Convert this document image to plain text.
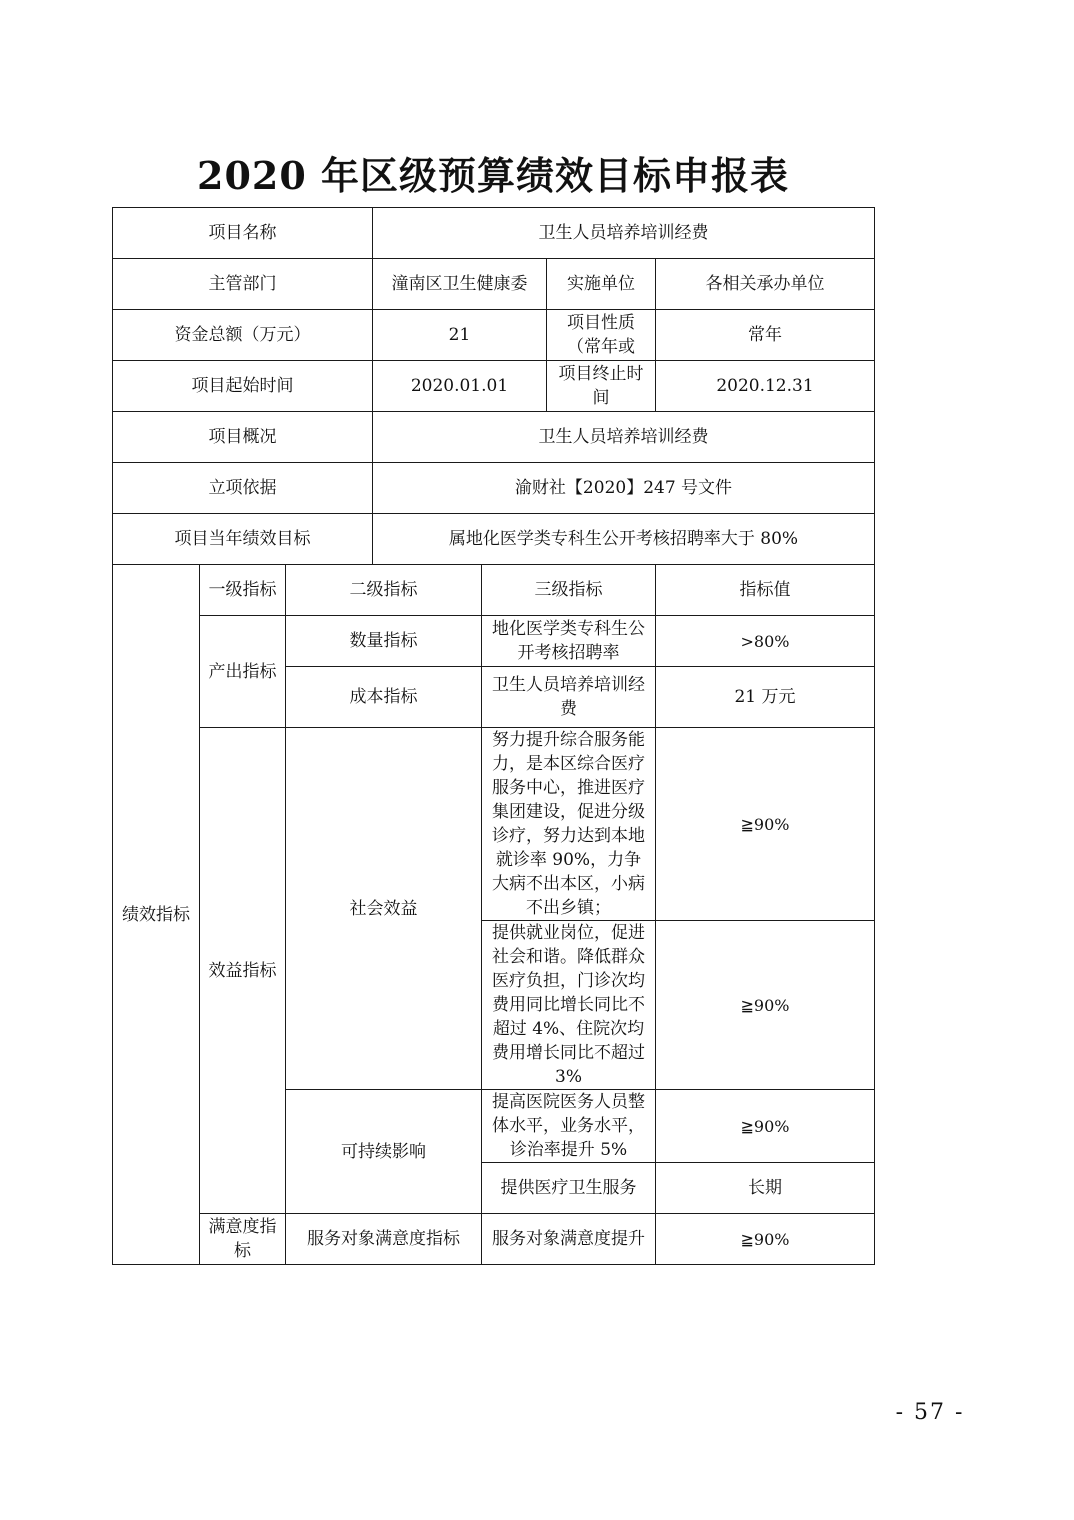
2020 年区级预算绩效目标申报表
项目名称			卫生人员培养培训经费			
主管部门			潼南区卫生健康委		实施单位	各相关承办单位
资金总额（万元）			21		项目性质（常年或	常年
项目起始时间			2020.01.01		项目终止时间	2020.12.31
项目概况			卫生人员培养培训经费			
立项依据			渝财社【2020】247 号文件			
项目当年绩效目标			属地化医学类专科生公开考核招聘率大于 80%			
绩效指标	一级指标	二级指标		三级指标		指标值
	产出指标	数量指标		地化医学类专科生公开考核招聘率		>80%
		成本指标		卫生人员培养培训经费		21 万元
	效益指标	社会效益		努力提升综合服务能力，是本区综合医疗服务中心，推进医疗集团建设，促进分级诊疗，努力达到本地就诊率 90%，力争大病不出本区，小病不出乡镇；		≧90%
				提供就业岗位，促进社会和谐。降低群众医疗负担，门诊次均费用同比增长同比不超过 4%、住院次均费用增长同比不超过 3%		≧90%
		可持续影响		提高医院医务人员整体水平，业务水平，诊治率提升 5%		≧90%
				提供医疗卫生服务		长期
	满意度指标	服务对象满意度指标		服务对象满意度提升		≧90%
- 57 -
